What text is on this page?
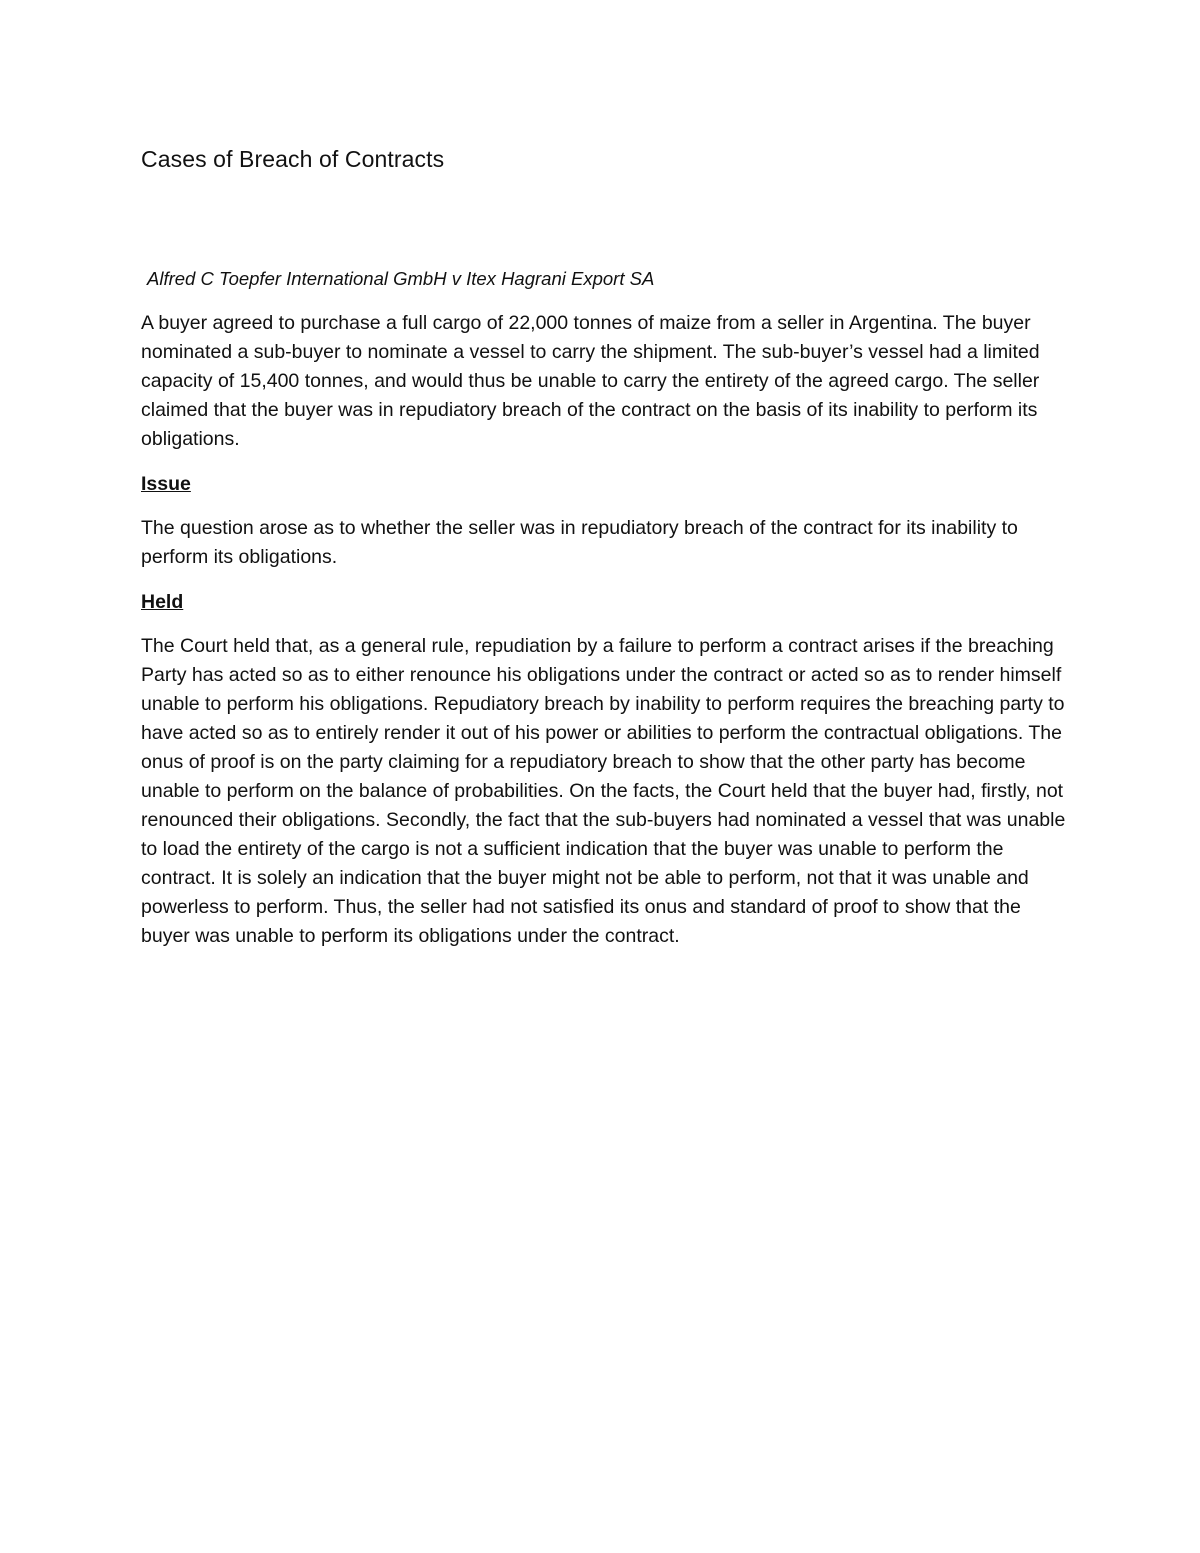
Cases of Breach of Contracts

Alfred C Toepfer International GmbH v Itex Hagrani Export SA

A buyer agreed to purchase a full cargo of 22,000 tonnes of maize from a seller in Argentina. The buyer nominated a sub-buyer to nominate a vessel to carry the shipment. The sub-buyer’s vessel had a limited capacity of 15,400 tonnes, and would thus be unable to carry the entirety of the agreed cargo. The seller claimed that the buyer was in repudiatory breach of the contract on the basis of its inability to perform its obligations.

Issue

The question arose as to whether the seller was in repudiatory breach of the contract for its inability to perform its obligations.

Held

The Court held that, as a general rule, repudiation by a failure to perform a contract arises if the breaching Party has acted so as to either renounce his obligations under the contract or acted so as to render himself unable to perform his obligations. Repudiatory breach by inability to perform requires the breaching party to have acted so as to entirely render it out of his power or abilities to perform the contractual obligations. The onus of proof is on the party claiming for a repudiatory breach to show that the other party has become unable to perform on the balance of probabilities. On the facts, the Court held that the buyer had, firstly, not renounced their obligations. Secondly, the fact that the sub-buyers had nominated a vessel that was unable to load the entirety of the cargo is not a sufficient indication that the buyer was unable to perform the contract. It is solely an indication that the buyer might not be able to perform, not that it was unable and powerless to perform. Thus, the seller had not satisfied its onus and standard of proof to show that the buyer was unable to perform its obligations under the contract.
